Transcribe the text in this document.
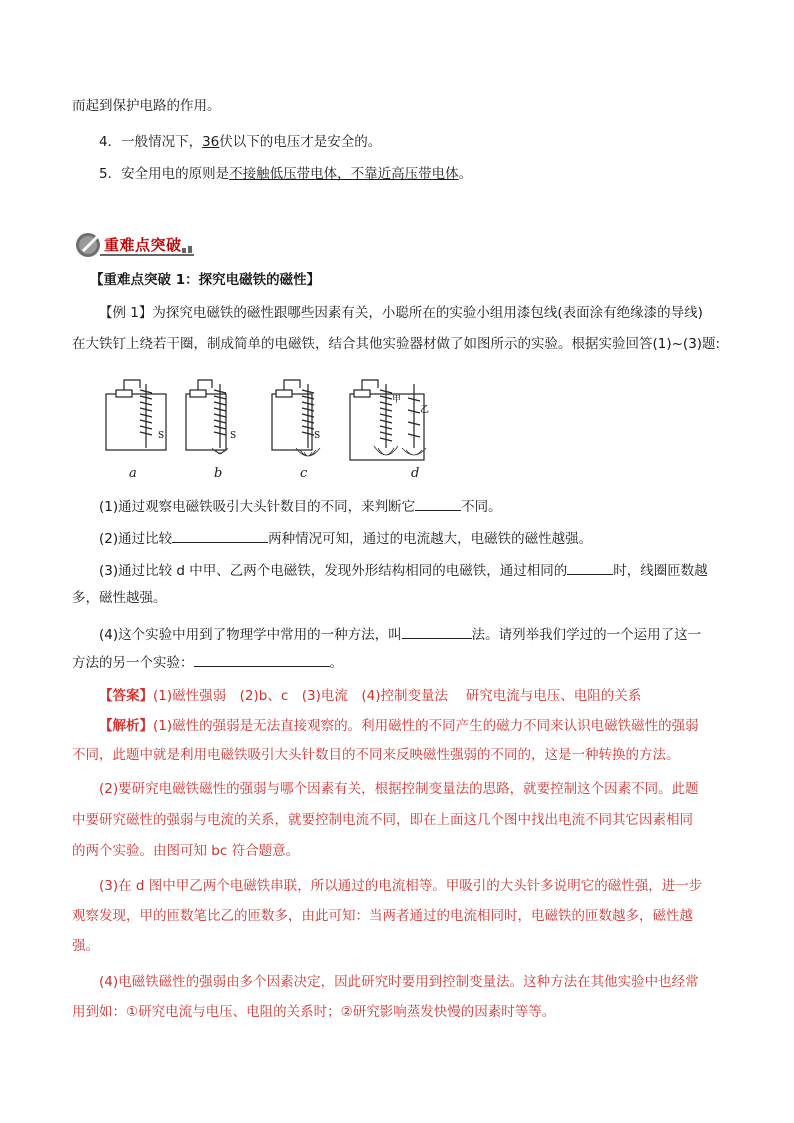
而起到保护电路的作用。
4．一般情况下，36伏以下的电压才是安全的。
5．安全用电的原则是不接触低压带电体，不靠近高压带电体。
重难点突破
【重难点突破 1：探究电磁铁的磁性】
【例 1】为探究电磁铁的磁性跟哪些因素有关，小聪所在的实验小组用漆包线(表面涂有绝缘漆的导线)
在大铁钉上绕若干圈，制成简单的电磁铁，结合其他实验器材做了如图所示的实验。根据实验回答(1)~(3)题:
S	S	S
甲
乙
a	b	c	d
(1)通过观察电磁铁吸引大头针数目的不同，来判断它	不同。
(2)通过比较	两种情况可知，通过的电流越大，电磁铁的磁性越强。
(3)通过比较 d 中甲、乙两个电磁铁，发现外形结构相同的电磁铁，通过相同的	时，线圈匝数越
多，磁性越强。
(4)这个实验中用到了物理学中常用的一种方法，叫	法。请列举我们学过的一个运用了这一
方法的另一个实验：	。
【答案】(1)磁性强弱　(2)b、c　(3)电流　(4)控制变量法　 研究电流与电压、电阻的关系
【解析】(1)磁性的强弱是无法直接观察的。利用磁性的不同产生的磁力不同来认识电磁铁磁性的强弱
不同，此题中就是利用电磁铁吸引大头针数目的不同来反映磁性强弱的不同的，这是一种转换的方法。
(2)要研究电磁铁磁性的强弱与哪个因素有关，根据控制变量法的思路，就要控制这个因素不同。此题
中要研究磁性的强弱与电流的关系，就要控制电流不同，即在上面这几个图中找出电流不同其它因素相同
的两个实验。由图可知 bc 符合题意。
(3)在 d 图中甲乙两个电磁铁串联，所以通过的电流相等。甲吸引的大头针多说明它的磁性强，进一步
观察发现，甲的匝数笔比乙的匝数多，由此可知：当两者通过的电流相同时，电磁铁的匝数越多，磁性越
强。
(4)电磁铁磁性的强弱由多个因素决定，因此研究时要用到控制变量法。这种方法在其他实验中也经常
用到如：①研究电流与电压、电阻的关系时；②研究影响蒸发快慢的因素时等等。
